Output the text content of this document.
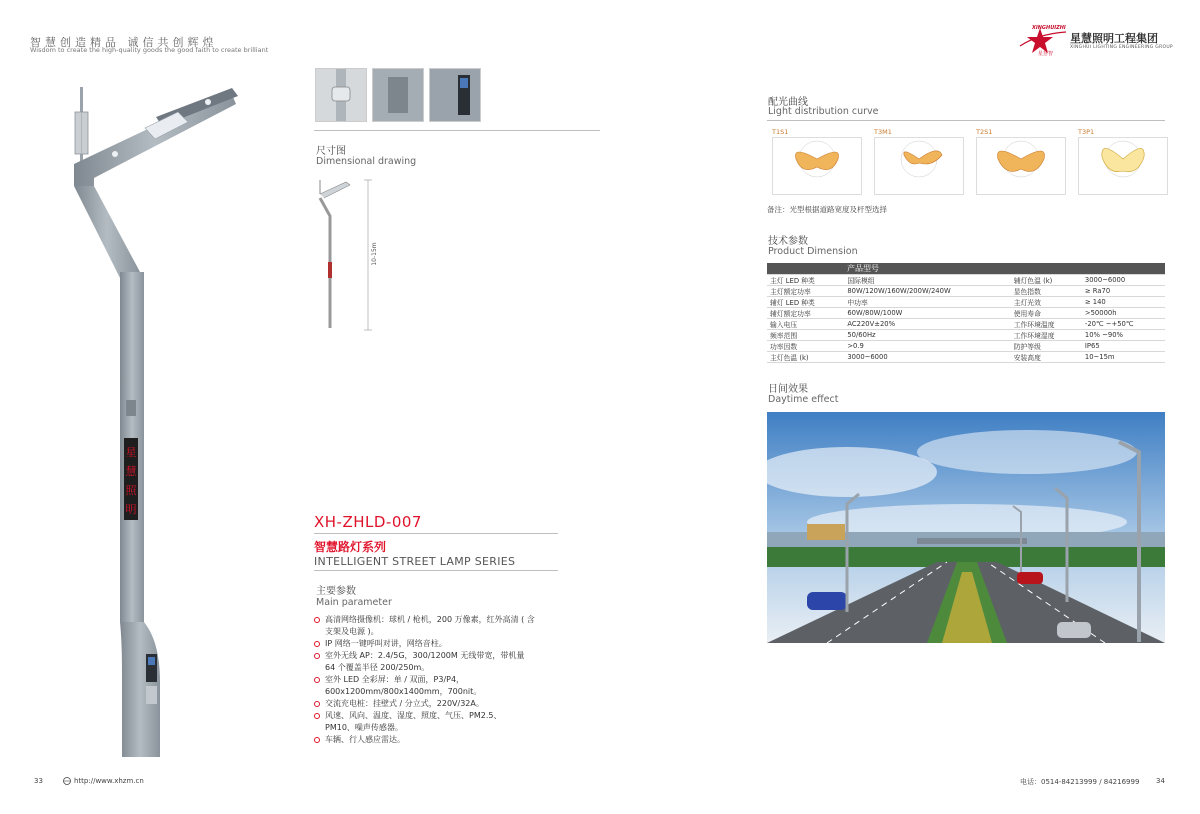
智慧创造精品 诚信共创辉煌
Wisdom to create the high-quality goods the good faith to create brilliant
XINGHUIZHI
星慧智
星慧照明工程集团
XINGHUI LIGHTING ENGINEERING GROUP
星
慧
照
明
尺寸图
Dimensional drawing
10-15m
XH-ZHLD-007
智慧路灯系列
INTELLIGENT STREET LAMP SERIES
主要参数
Main parameter
高清网络摄像机：球机 / 枪机，200 万像素，红外高清 ( 含
支架及电源 )。
IP 网络一键呼叫对讲，网络音柱。
室外无线 AP：2.4/5G，300/1200M 无线带宽，带机量
64 个覆盖半径 200/250m。
室外 LED 全彩屏：单 / 双面，P3/P4，
600x1200mm/800x1400mm，700nit。
交流充电桩：挂壁式 / 分立式，220V/32A。
风速、风向、温度、湿度、照度、气压、PM2.5、
PM10、噪声传感器。
车辆、行人感应雷达。
配光曲线
Light distribution curve
T1S1	T3M1	T2S1	T3P1
备注：光型根据道路宽度及杆型选择
技术参数
Product Dimension
产品型号			
主灯 LED 种类	国际模组	辅灯色温 (k)	3000~6000
主灯额定功率	80W/120W/160W/200W/240W	显色指数	≥ Ra70
辅灯 LED 种类	中功率	主灯光效	≥ 140
辅灯额定功率	60W/80W/100W	使用寿命	>50000h
输入电压	AC220V±20%	工作环境温度	-20℃ ~+50℃
频率范围	50/60Hz	工作环境湿度	10% ~90%
功率因数	>0.9	防护等级	IP65
主灯色温 (k)	3000~6000	安装高度	10~15m
日间效果
Daytime effect
33	http://www.xhzm.cn	电话：0514-84213999 / 84216999 34
